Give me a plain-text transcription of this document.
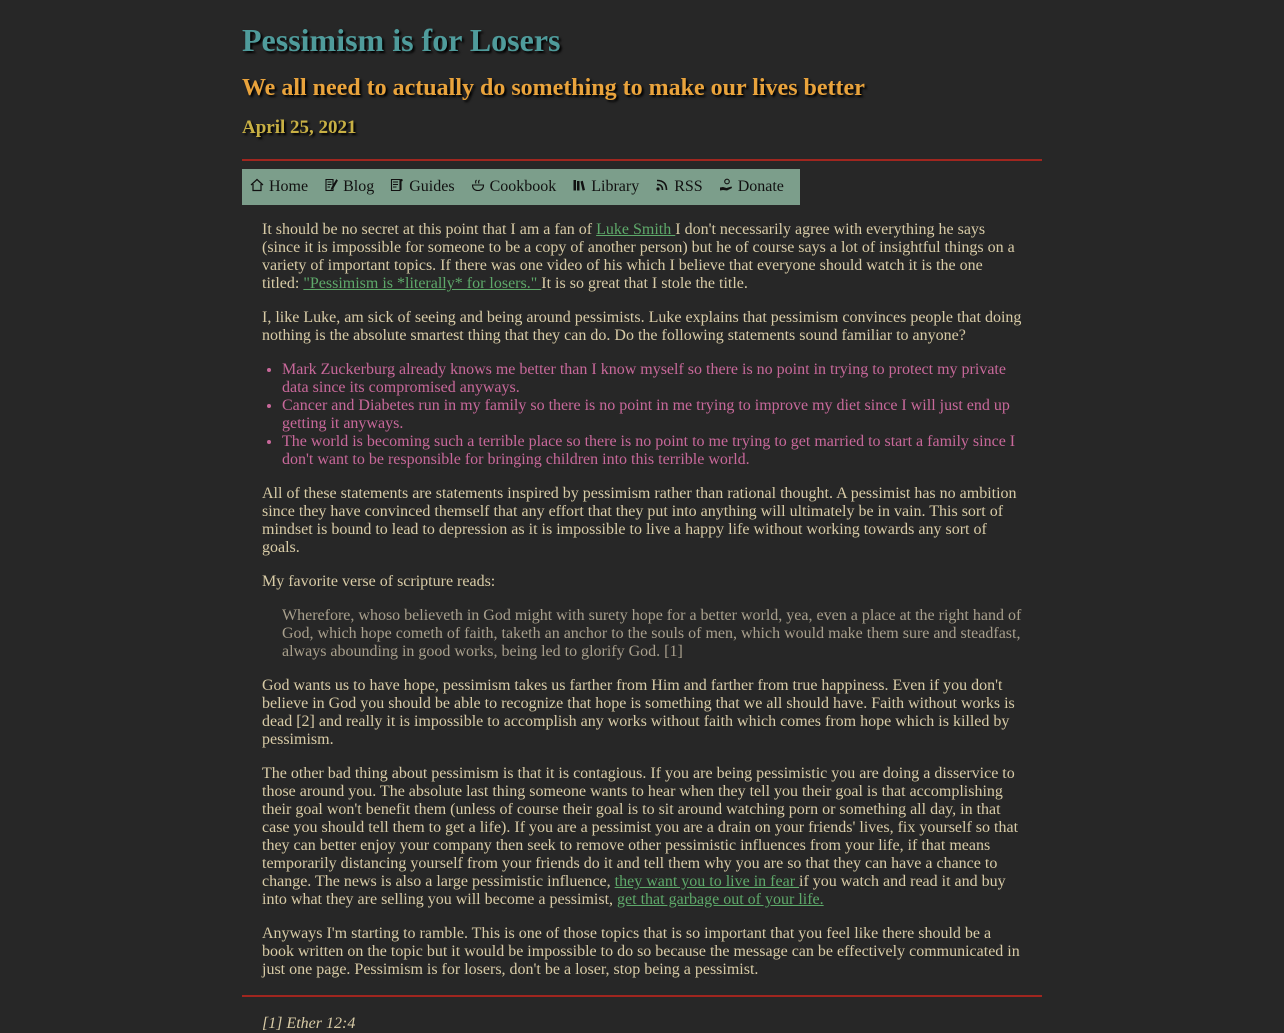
Pessimism is for Losers
We all need to actually do something to make our lives better
April 25, 2021
Home Blog Guides Cookbook Library RSS Donate

It should be no secret at this point that I am a fan of Luke Smith I don't necessarily agree with everything he says (since it is impossible for someone to be a copy of another person) but he of course says a lot of insightful things on a variety of important topics. If there was one video of his which I believe that everyone should watch it is the one titled: "Pessimism is *literally* for losers." It is so great that I stole the title.

I, like Luke, am sick of seeing and being around pessimists. Luke explains that pessimism convinces people that doing nothing is the absolute smartest thing that they can do. Do the following statements sound familiar to anyone?

• Mark Zuckerburg already knows me better than I know myself so there is no point in trying to protect my private data since its compromised anyways.
• Cancer and Diabetes run in my family so there is no point in me trying to improve my diet since I will just end up getting it anyways.
• The world is becoming such a terrible place so there is no point to me trying to get married to start a family since I don't want to be responsible for bringing children into this terrible world.

All of these statements are statements inspired by pessimism rather than rational thought. A pessimist has no ambition since they have convinced themself that any effort that they put into anything will ultimately be in vain. This sort of mindset is bound to lead to depression as it is impossible to live a happy life without working towards any sort of goals.

My favorite verse of scripture reads:

Wherefore, whoso believeth in God might with surety hope for a better world, yea, even a place at the right hand of God, which hope cometh of faith, taketh an anchor to the souls of men, which would make them sure and steadfast, always abounding in good works, being led to glorify God. [1]

God wants us to have hope, pessimism takes us farther from Him and farther from true happiness. Even if you don't believe in God you should be able to recognize that hope is something that we all should have. Faith without works is dead [2] and really it is impossible to accomplish any works without faith which comes from hope which is killed by pessimism.

The other bad thing about pessimism is that it is contagious. If you are being pessimistic you are doing a disservice to those around you. The absolute last thing someone wants to hear when they tell you their goal is that accomplishing their goal won't benefit them (unless of course their goal is to sit around watching porn or something all day, in that case you should tell them to get a life). If you are a pessimist you are a drain on your friends' lives, fix yourself so that they can better enjoy your company then seek to remove other pessimistic influences from your life, if that means temporarily distancing yourself from your friends do it and tell them why you are so that they can have a chance to change. The news is also a large pessimistic influence, they want you to live in fear if you watch and read it and buy into what they are selling you will become a pessimist, get that garbage out of your life.

Anyways I'm starting to ramble. This is one of those topics that is so important that you feel like there should be a book written on the topic but it would be impossible to do so because the message can be effectively communicated in just one page. Pessimism is for losers, don't be a loser, stop being a pessimist.

[1] Ether 12:4
